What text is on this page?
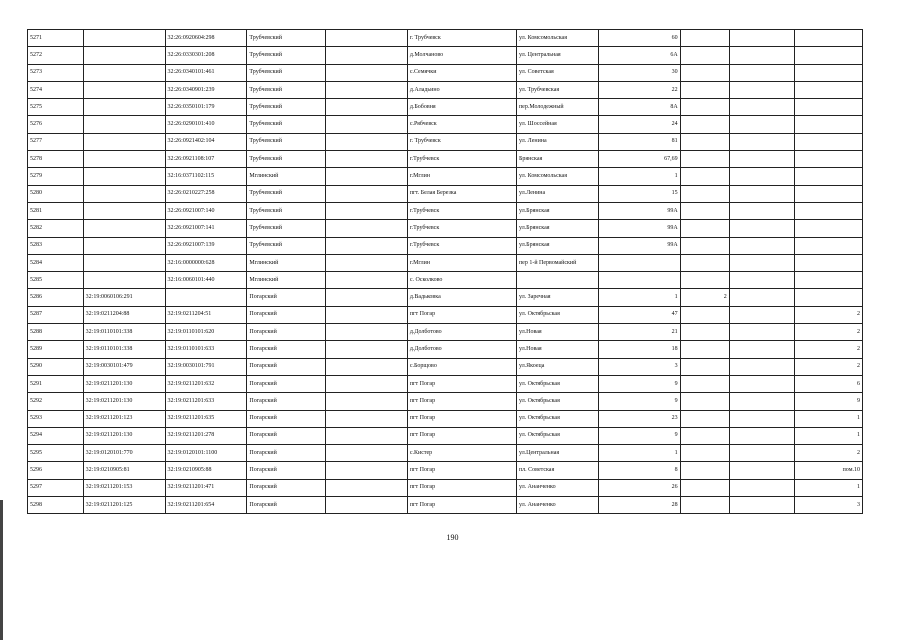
5271		32:26:0920604:298	Трубчевский		г. Трубчевск	ул. Комсомольская	60			
5272		32:26:0330301:208	Трубчевский		д.Молчаново	ул. Центральная	6А			
5273		32:26:0340101:461	Трубчевский		с.Семячки	ул. Советская	30			
5274		32:26:0340901:239	Трубчевский		д.Аладьино	ул. Трубчевская	22			
5275		32:26:0350101:179	Трубчевский		д.Бобовня	пер.Молодежный	8А			
5276		32:26:0290101:410	Трубчевский		с.Рябчевск	ул. Шоссейная	24			
5277		32:26:0921402:104	Трубчевский		г. Трубчевск	ул. Ленина	81			
5278		32:26:0921108:107	Трубчевский		г.Трубчевск	Брянская	67,69			
5279		32:16:0371102:115	Мглинский		г.Мглин	ул. Комсомольская	1			
5280		32:26:0210227:258	Трубчевский		пгт. Белая Березка	ул.Ленина	15			
5281		32:26:0921007:140	Трубчевский		г.Трубчевск	ул.Брянская	99А			
5282		32:26:0921007:141	Трубчевский		г.Трубчевск	ул.Брянская	99А			
5283		32:26:0921007:139	Трубчевский		г.Трубчевск	ул.Брянская	99А			
5284		32:16:0000000:628	Мглинский		г.Мглин	пер 1-й Первомайский				
5285		32:16:0060101:440	Мглинский		с. Осколково					
5286	32:19:0060106:291		Погарский		д.Вадьковка	ул. Заречная	1	2		
5287	32:19:0211204:88	32:19:0211204:51	Погарский		пгт Погар	ул. Октябрьская	47			2
5288	32:19:0110101:338	32:19:0110101:620	Погарский		д.Долботово	ул.Новая	21			2
5289	32:19:0110101:338	32:19:0110101:633	Погарский		д.Долботово	ул.Новая	18			2
5290	32:19:0030101:479	32:19:0030101:791	Погарский		с.Борщово	ул.Якоеца	3			2
5291	32:19:0211201:130	32:19:0211201:632	Погарский		пгт Погар	ул. Октябрьская	9			6
5292	32:19:0211201:130	32:19:0211201:633	Погарский		пгт Погар	ул. Октябрьская	9			9
5293	32:19:0211201:123	32:19:0211201:635	Погарский		пгт Погар	ул. Октябрьская	23			1
5294	32:19:0211201:130	32:19:0211201:278	Погарский		пгт Погар	ул. Октябрьская	9			1
5295	32:19:0120101:770	32:19:0120101:1100	Погарский		с.Кистер	ул.Центральная	1			2
5296	32:19:0210905:81	32:19:0210905:88	Погарский		пгт Погар	пл. Советская	8			пом.10
5297	32:19:0211201:153	32:19:0211201:471	Погарский		пгт Погар	ул. Ананченко	26			1
5298	32:19:0211201:125	32:19:0211201:654	Погарский		пгт Погар	ул. Ананченко	28			3
190
